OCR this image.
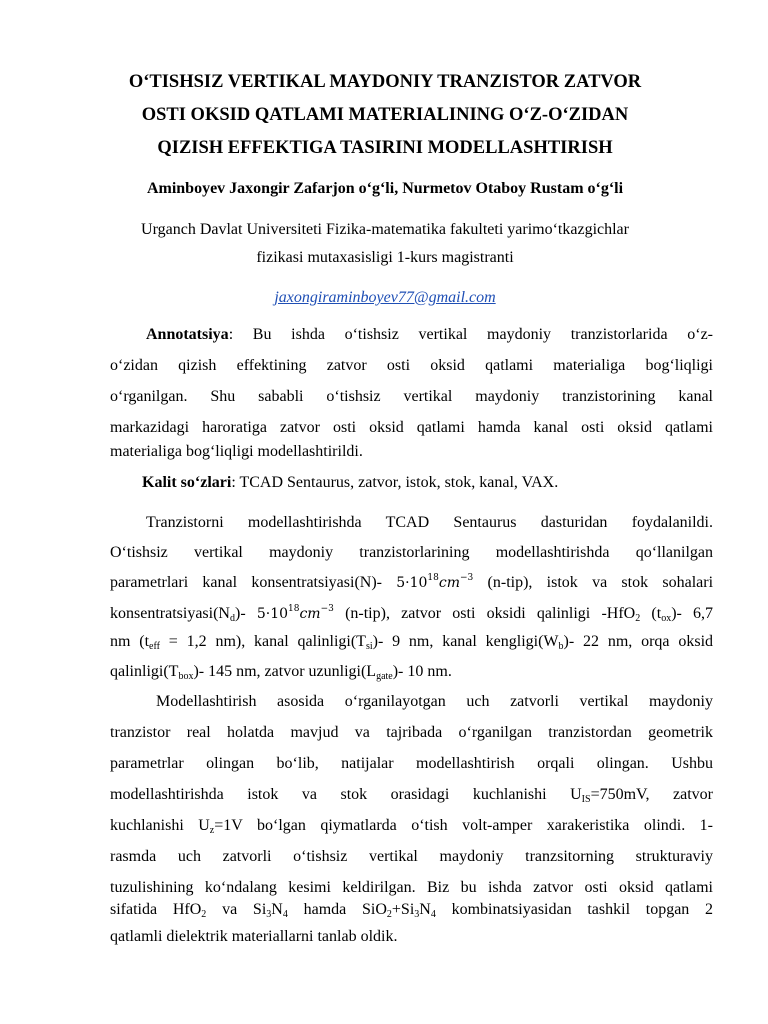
O‘TISHSIZ VERTIKAL MAYDONIY TRANZISTOR ZATVOR
OSTI OKSID QATLAMI MATERIALINING O‘Z-O‘ZIDAN
QIZISH EFFEKTIGA TASIRINI MODELLASHTIRISH
Aminboyev Jaxongir Zafarjon o‘g‘li, Nurmetov Otaboy Rustam o‘g‘li
Urganch Davlat Universiteti Fizika-matematika fakulteti yarimo‘tkazgichlar
fizikasi mutaxasisligi 1-kurs magistranti
jaxongiraminboyev77@gmail.com
Annotatsiya: Bu ishda o‘tishsiz vertikal maydoniy tranzistorlarida o‘z-
o‘zidan qizish effektining zatvor osti oksid qatlami materialiga bog‘liqligi
o‘rganilgan. Shu sababli o‘tishsiz vertikal maydoniy tranzistorining kanal
markazidagi haroratiga zatvor osti oksid qatlami hamda kanal osti oksid qatlami
materialiga bog‘liqligi modellashtirildi.
Kalit so‘zlari: TCAD Sentaurus, zatvor, istok, stok, kanal, VAX.
Tranzistorni modellashtirishda TCAD Sentaurus dasturidan foydalanildi.
O‘tishsiz vertikal maydoniy tranzistorlarining modellashtirishda qo‘llanilgan
parametrlari kanal konsentratsiyasi(N)- $5\cdot 10^{18}cm^{-3}$ (n-tip), istok va stok sohalari
$konsentratsiyasi(N_d)-$ $5\cdot 10^{18}cm^{-3}$ (n-tip), zatvor osti oksidi qalinligi -HfO$_2$ $(t_{ox})-$ 6,7
nm ($t_{eff} = 1,2$ nm), kanal $qalinligi(T_{si})-$ 9 nm, kanal $kengligi(W_b)-$ 22 nm, orqa oksid
$qalinligi(T_{box})-$ 145 nm, zatvor $uzunligi(L_{gate})-$ 10 nm.
Modellashtirish asosida o‘rganilayotgan uch zatvorli vertikal maydoniy
tranzistor real holatda mavjud va tajribada o‘rganilgan tranzistordan geometrik
parametrlar olingan bo‘lib, natijalar modellashtirish orqali olingan. Ushbu
modellashtirishda istok va stok orasidagi kuchlanishi $U_{IS}=750mV$, zatvor
kuchlanishi $U_z=1V$ bo‘lgan qiymatlarda o‘tish volt-amper xarakeristika olindi. 1-
rasmda uch zatvorli o‘tishsiz vertikal maydoniy tranzsitorning strukturaviy
tuzulishining ko‘ndalang kesimi keldirilgan. Biz bu ishda zatvor osti oksid qatlami
sifatida HfO$_2$ va $Si_3N_4$ hamda $SiO_2+Si_3N_4$ kombinatsiyasidan tashkil topgan 2
qatlamli dielektrik materiallarni tanlab oldik.
